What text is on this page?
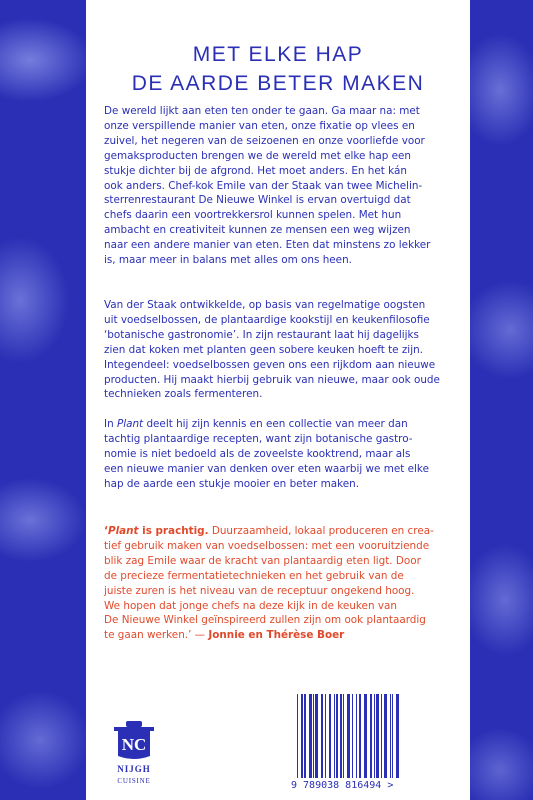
MET ELKE HAP
DE AARDE BETER MAKEN
De wereld lijkt aan eten ten onder te gaan. Ga maar na: met
onze verspillende manier van eten, onze fixatie op vlees en
zuivel, het negeren van de seizoenen en onze voorliefde voor
gemaksproducten brengen we de wereld met elke hap een
stukje dichter bij de afgrond. Het moet anders. En het kán
ook anders. Chef-kok Emile van der Staak van twee Michelin-
sterrenrestaurant De Nieuwe Winkel is ervan overtuigd dat
chefs daarin een voortrekkersrol kunnen spelen. Met hun
ambacht en creativiteit kunnen ze mensen een weg wijzen
naar een andere manier van eten. Eten dat minstens zo lekker
is, maar meer in balans met alles om ons heen.
Van der Staak ontwikkelde, op basis van regelmatige oogsten
uit voedselbossen, de plantaardige kookstijl en keukenfilosofie
‘botanische gastronomie’. In zijn restaurant laat hij dagelijks
zien dat koken met planten geen sobere keuken hoeft te zijn.
Integendeel: voedselbossen geven ons een rijkdom aan nieuwe
producten. Hij maakt hierbij gebruik van nieuwe, maar ook oude
technieken zoals fermenteren.
In Plant deelt hij zijn kennis en een collectie van meer dan
tachtig plantaardige recepten, want zijn botanische gastro-
nomie is niet bedoeld als de zoveelste kooktrend, maar als
een nieuwe manier van denken over eten waarbij we met elke
hap de aarde een stukje mooier en beter maken.
‘Plant is prachtig. Duurzaamheid, lokaal produceren en crea-
tief gebruik maken van voedselbossen: met een vooruitziende
blik zag Emile waar de kracht van plantaardig eten ligt. Door
de precieze fermentatietechnieken en het gebruik van de
juiste zuren is het niveau van de receptuur ongekend hoog.
We hopen dat jonge chefs na deze kijk in de keuken van
De Nieuwe Winkel geïnspireerd zullen zijn om ook plantaardig
te gaan werken.’ — Jonnie en Thérèse Boer
NC
NIJGH
CUISINE	9 789038 816494 >
